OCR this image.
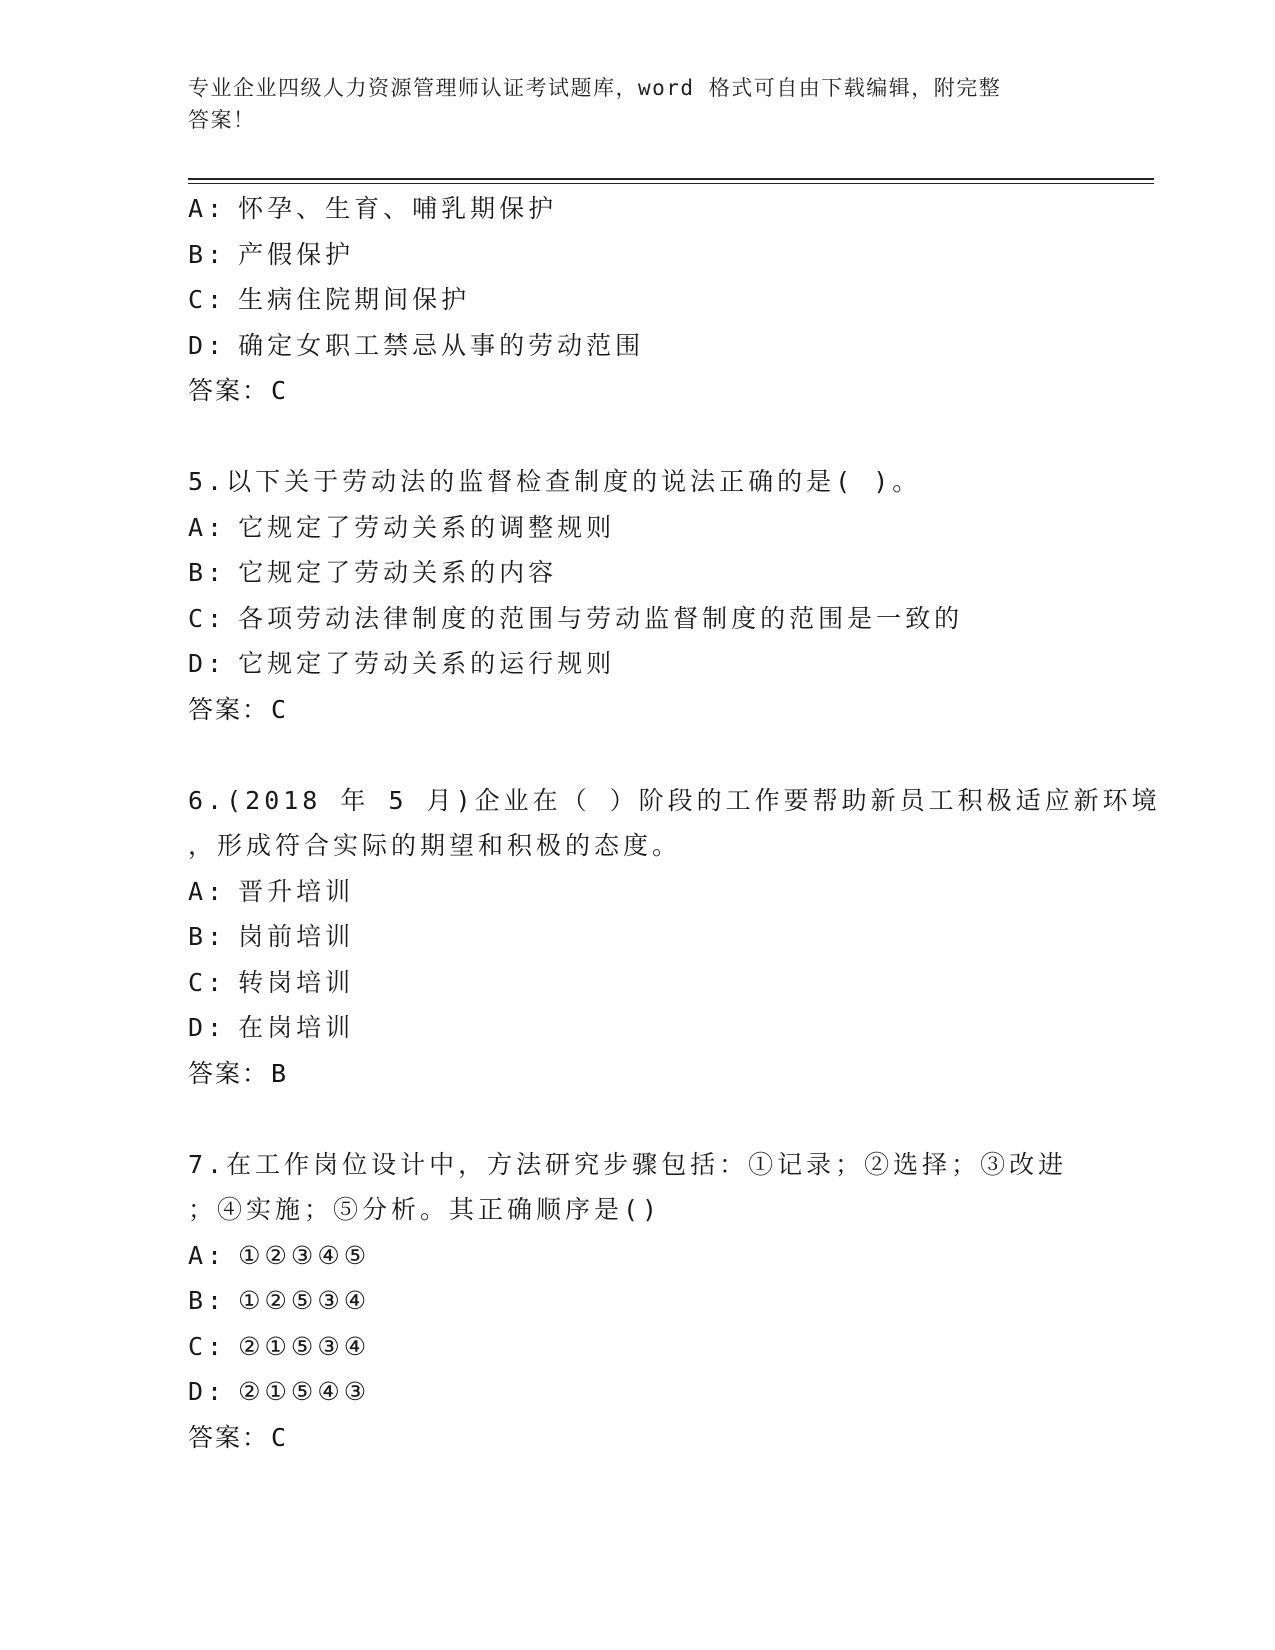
专业企业四级人力资源管理师认证考试题库，word 格式可自由下载编辑，附完整
答案！
A: 怀孕、生育、哺乳期保护
B: 产假保护
C: 生病住院期间保护
D: 确定女职工禁忌从事的劳动范围
答案：C
5.以下关于劳动法的监督检查制度的说法正确的是( )。
A: 它规定了劳动关系的调整规则
B: 它规定了劳动关系的内容
C: 各项劳动法律制度的范围与劳动监督制度的范围是一致的
D: 它规定了劳动关系的运行规则
答案：C
6.(2018 年 5 月)企业在（ ）阶段的工作要帮助新员工积极适应新环境
，形成符合实际的期望和积极的态度。
A: 晋升培训
B: 岗前培训
C: 转岗培训
D: 在岗培训
答案：B
7.在工作岗位设计中，方法研究步骤包括：①记录；②选择；③改进
；④实施；⑤分析。其正确顺序是()
A: ①②③④⑤
B: ①②⑤③④
C: ②①⑤③④
D: ②①⑤④③
答案：C
